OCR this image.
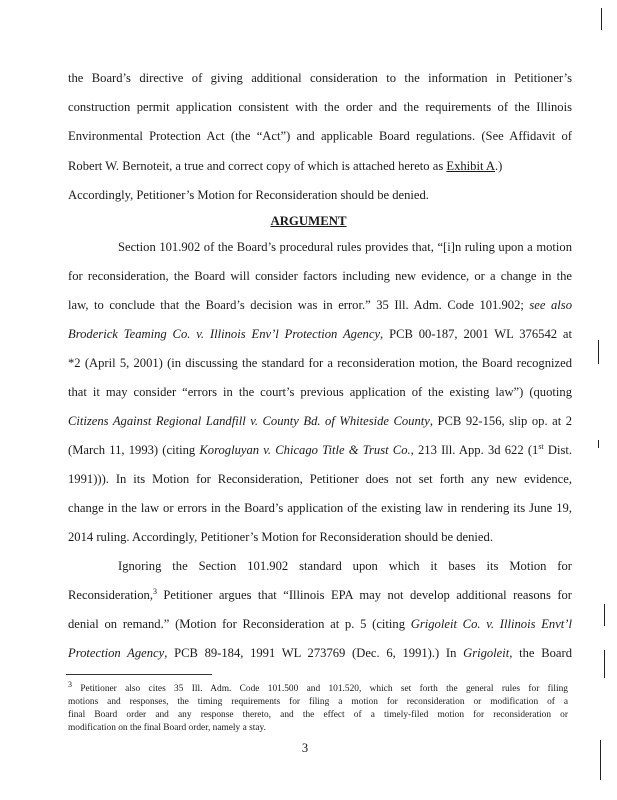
the Board’s directive of giving additional consideration to the information in Petitioner’s
construction permit application consistent with the order and the requirements of the Illinois
Environmental Protection Act (the “Act”) and applicable Board regulations. (See Affidavit of
Robert W. Bernoteit, a true and correct copy of which is attached hereto as Exhibit A.)
Accordingly, Petitioner’s Motion for Reconsideration should be denied.
ARGUMENT
Section 101.902 of the Board’s procedural rules provides that, “[i]n ruling upon a motion
for reconsideration, the Board will consider factors including new evidence, or a change in the
law, to conclude that the Board’s decision was in error.” 35 Ill. Adm. Code 101.902; see also
Broderick Teaming Co. v. Illinois Env’l Protection Agency, PCB 00-187, 2001 WL 376542 at
*2 (April 5, 2001) (in discussing the standard for a reconsideration motion, the Board recognized
that it may consider “errors in the court’s previous application of the existing law”) (quoting
Citizens Against Regional Landfill v. County Bd. of Whiteside County, PCB 92-156, slip op. at 2
(March 11, 1993) (citing Korogluyan v. Chicago Title & Trust Co., 213 Ill. App. 3d 622 (1st Dist.
1991))). In its Motion for Reconsideration, Petitioner does not set forth any new evidence,
change in the law or errors in the Board’s application of the existing law in rendering its June 19,
2014 ruling. Accordingly, Petitioner’s Motion for Reconsideration should be denied.
Ignoring the Section 101.902 standard upon which it bases its Motion for
Reconsideration,$^3$ Petitioner argues that “Illinois EPA may not develop additional reasons for
denial on remand.” (Motion for Reconsideration at p. 5 (citing Grigoleit Co. v. Illinois Envt’l
Protection Agency, PCB 89-184, 1991 WL 273769 (Dec. 6, 1991).) In Grigoleit, the Board
$^3$ Petitioner also cites 35 Ill. Adm. Code 101.500 and 101.520, which set forth the general rules for filing
motions and responses, the timing requirements for filing a motion for reconsideration or modification of a
final Board order and any response thereto, and the effect of a timely-filed motion for reconsideration or
modification on the final Board order, namely a stay.
3
